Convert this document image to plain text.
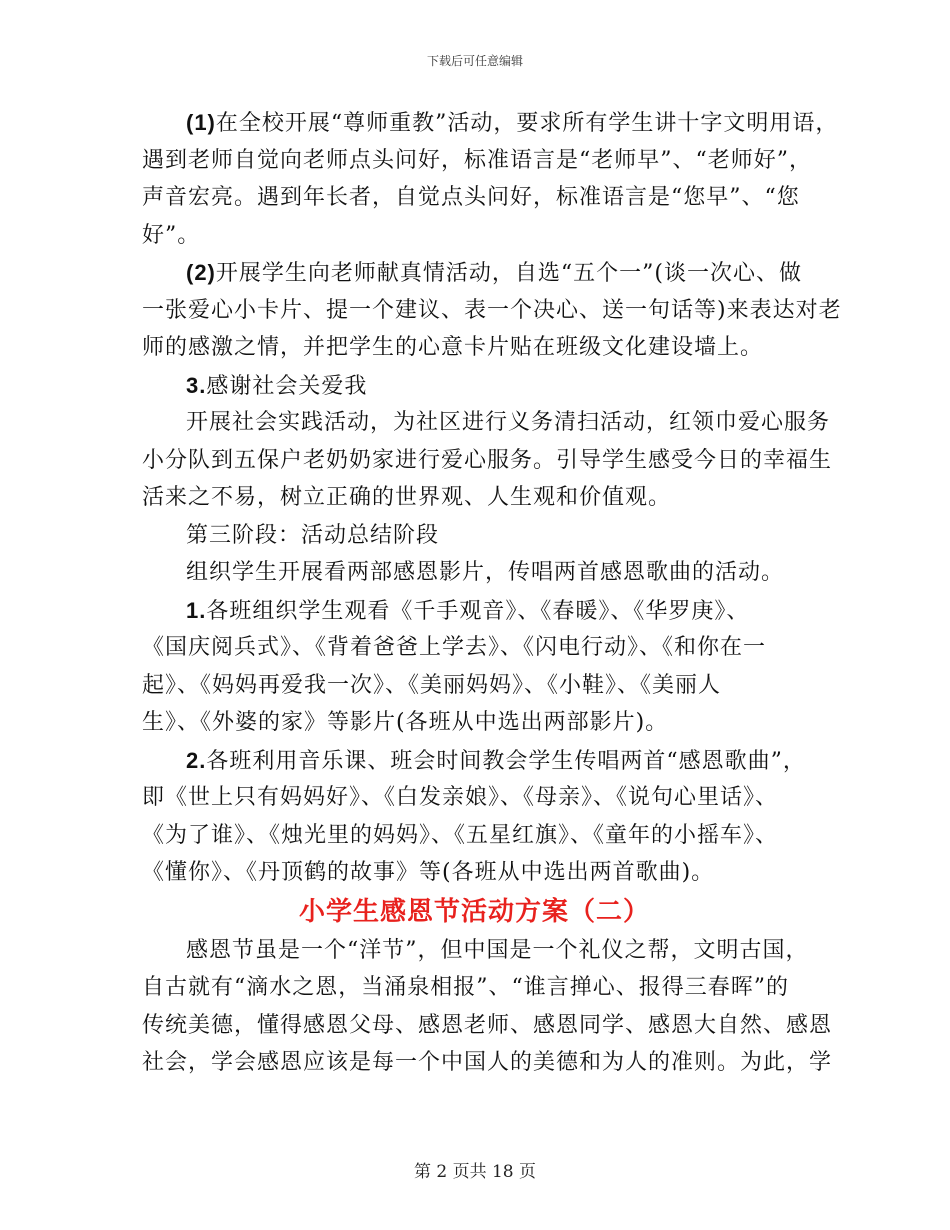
下载后可任意编辑
(1)在全校开展“尊师重教”活动，要求所有学生讲十字文明用语，
遇到老师自觉向老师点头问好，标准语言是“老师早”、“老师好”，
声音宏亮。遇到年长者，自觉点头问好，标准语言是“您早”、“您
好”。
(2)开展学生向老师献真情活动，自选“五个一”(谈一次心、做
一张爱心小卡片、提一个建议、表一个决心、送一句话等)来表达对老
师的感激之情，并把学生的心意卡片贴在班级文化建设墙上。
3.感谢社会关爱我
开展社会实践活动，为社区进行义务清扫活动，红领巾爱心服务
小分队到五保户老奶奶家进行爱心服务。引导学生感受今日的幸福生
活来之不易，树立正确的世界观、人生观和价值观。
第三阶段：活动总结阶段
组织学生开展看两部感恩影片，传唱两首感恩歌曲的活动。
1.各班组织学生观看《千手观音》、《春暖》、《华罗庚》、
《国庆阅兵式》、《背着爸爸上学去》、《闪电行动》、《和你在一
起》、《妈妈再爱我一次》、《美丽妈妈》、《小鞋》、《美丽人
生》、《外婆的家》等影片(各班从中选出两部影片)。
2.各班利用音乐课、班会时间教会学生传唱两首“感恩歌曲”，
即《世上只有妈妈好》、《白发亲娘》、《母亲》、《说句心里话》、
《为了谁》、《烛光里的妈妈》、《五星红旗》、《童年的小摇车》、
《懂你》、《丹顶鹤的故事》等(各班从中选出两首歌曲)。
小学生感恩节活动方案（二）
感恩节虽是一个“洋节”，但中国是一个礼仪之帮，文明古国，
自古就有“滴水之恩，当涌泉相报”、“谁言掸心、报得三春晖”的
传统美德，懂得感恩父母、感恩老师、感恩同学、感恩大自然、感恩
社会，学会感恩应该是每一个中国人的美德和为人的准则。为此，学
第 2 页共 18 页
